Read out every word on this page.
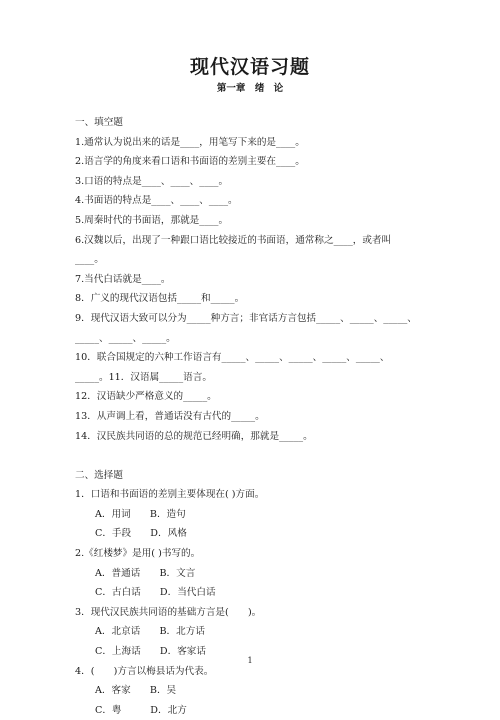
现代汉语习题
第一章　绪 论
一、填空题
1.通常认为说出来的话是____，用笔写下来的是____。
2.语言学的角度来看口语和书面语的差别主要在____。
3.口语的特点是____、____、____。
4.书面语的特点是____、____、____。
5.周秦时代的书面语，那就是____。
6.汉魏以后，出现了一种跟口语比较接近的书面语，通常称之____，或者叫
____。
7.当代白话就是____。
8．广义的现代汉语包括_____和_____。
9．现代汉语大致可以分为_____种方言；非官话方言包括_____、_____、_____、
_____、_____、_____。
10．联合国规定的六种工作语言有_____、_____、_____、_____、_____、
_____。11．汉语属_____语言。
12．汉语缺少严格意义的_____。
13．从声调上看，普通话没有古代的_____。
14．汉民族共同语的总的规范已经明确，那就是_____。
二、选择题
1．口语和书面语的差别主要体现在( )方面。
A．用词　　B．造句
C．手段　　D．风格
2.《红楼梦》是用( )书写的。
A．普通话　　B．文言
C．古白话　　D．当代白话
3．现代汉民族共同语的基础方言是(　　)。
A．北京话　　B．北方话
C．上海话　　D．客家话
4．(　　)方言以梅县话为代表。
A．客家　　B．吴
C．粤　　　D．北方
1
